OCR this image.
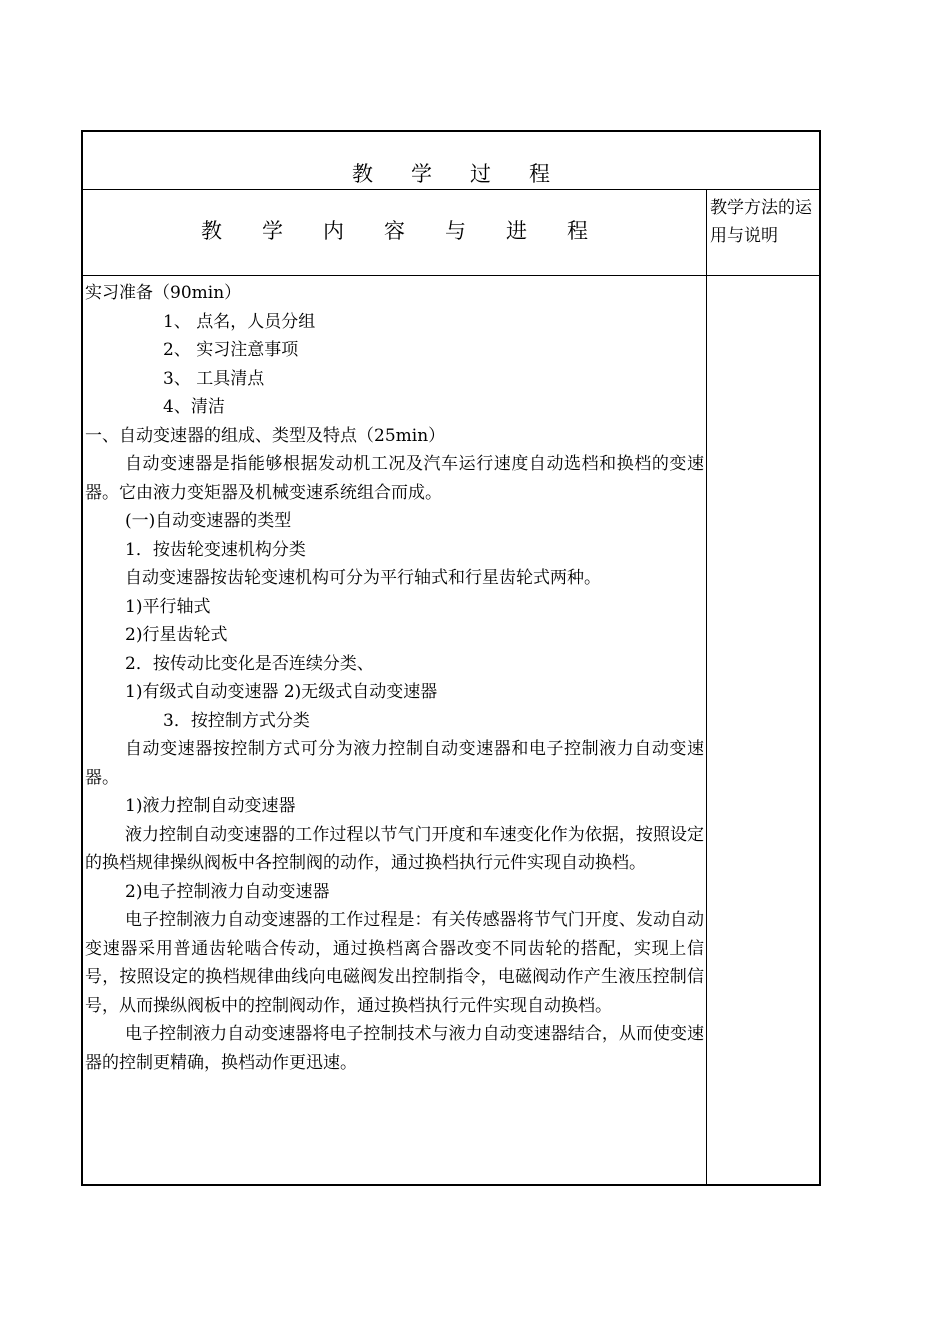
教学过程
教学内容与进程
教学方法的运用与说明
实习准备（90min）
1、 点名，人员分组
2、 实习注意事项
3、 工具清点
4、清洁
一、自动变速器的组成、类型及特点（25min）
自动变速器是指能够根据发动机工况及汽车运行速度自动选档和换档的变速器。它由液力变矩器及机械变速系统组合而成。
(一)自动变速器的类型
1．按齿轮变速机构分类
自动变速器按齿轮变速机构可分为平行轴式和行星齿轮式两种。
1)平行轴式
2)行星齿轮式
2．按传动比变化是否连续分类、
1)有级式自动变速器 2)无级式自动变速器
3．按控制方式分类
自动变速器按控制方式可分为液力控制自动变速器和电子控制液力自动变速器。
1)液力控制自动变速器
液力控制自动变速器的工作过程以节气门开度和车速变化作为依据，按照设定的换档规律操纵阀板中各控制阀的动作，通过换档执行元件实现自动换档。
2)电子控制液力自动变速器
电子控制液力自动变速器的工作过程是：有关传感器将节气门开度、发动自动变速器采用普通齿轮啮合传动，通过换档离合器改变不同齿轮的搭配，实现上信号，按照设定的换档规律曲线向电磁阀发出控制指令，电磁阀动作产生液压控制信号，从而操纵阀板中的控制阀动作，通过换档执行元件实现自动换档。
电子控制液力自动变速器将电子控制技术与液力自动变速器结合，从而使变速器的控制更精确，换档动作更迅速。
